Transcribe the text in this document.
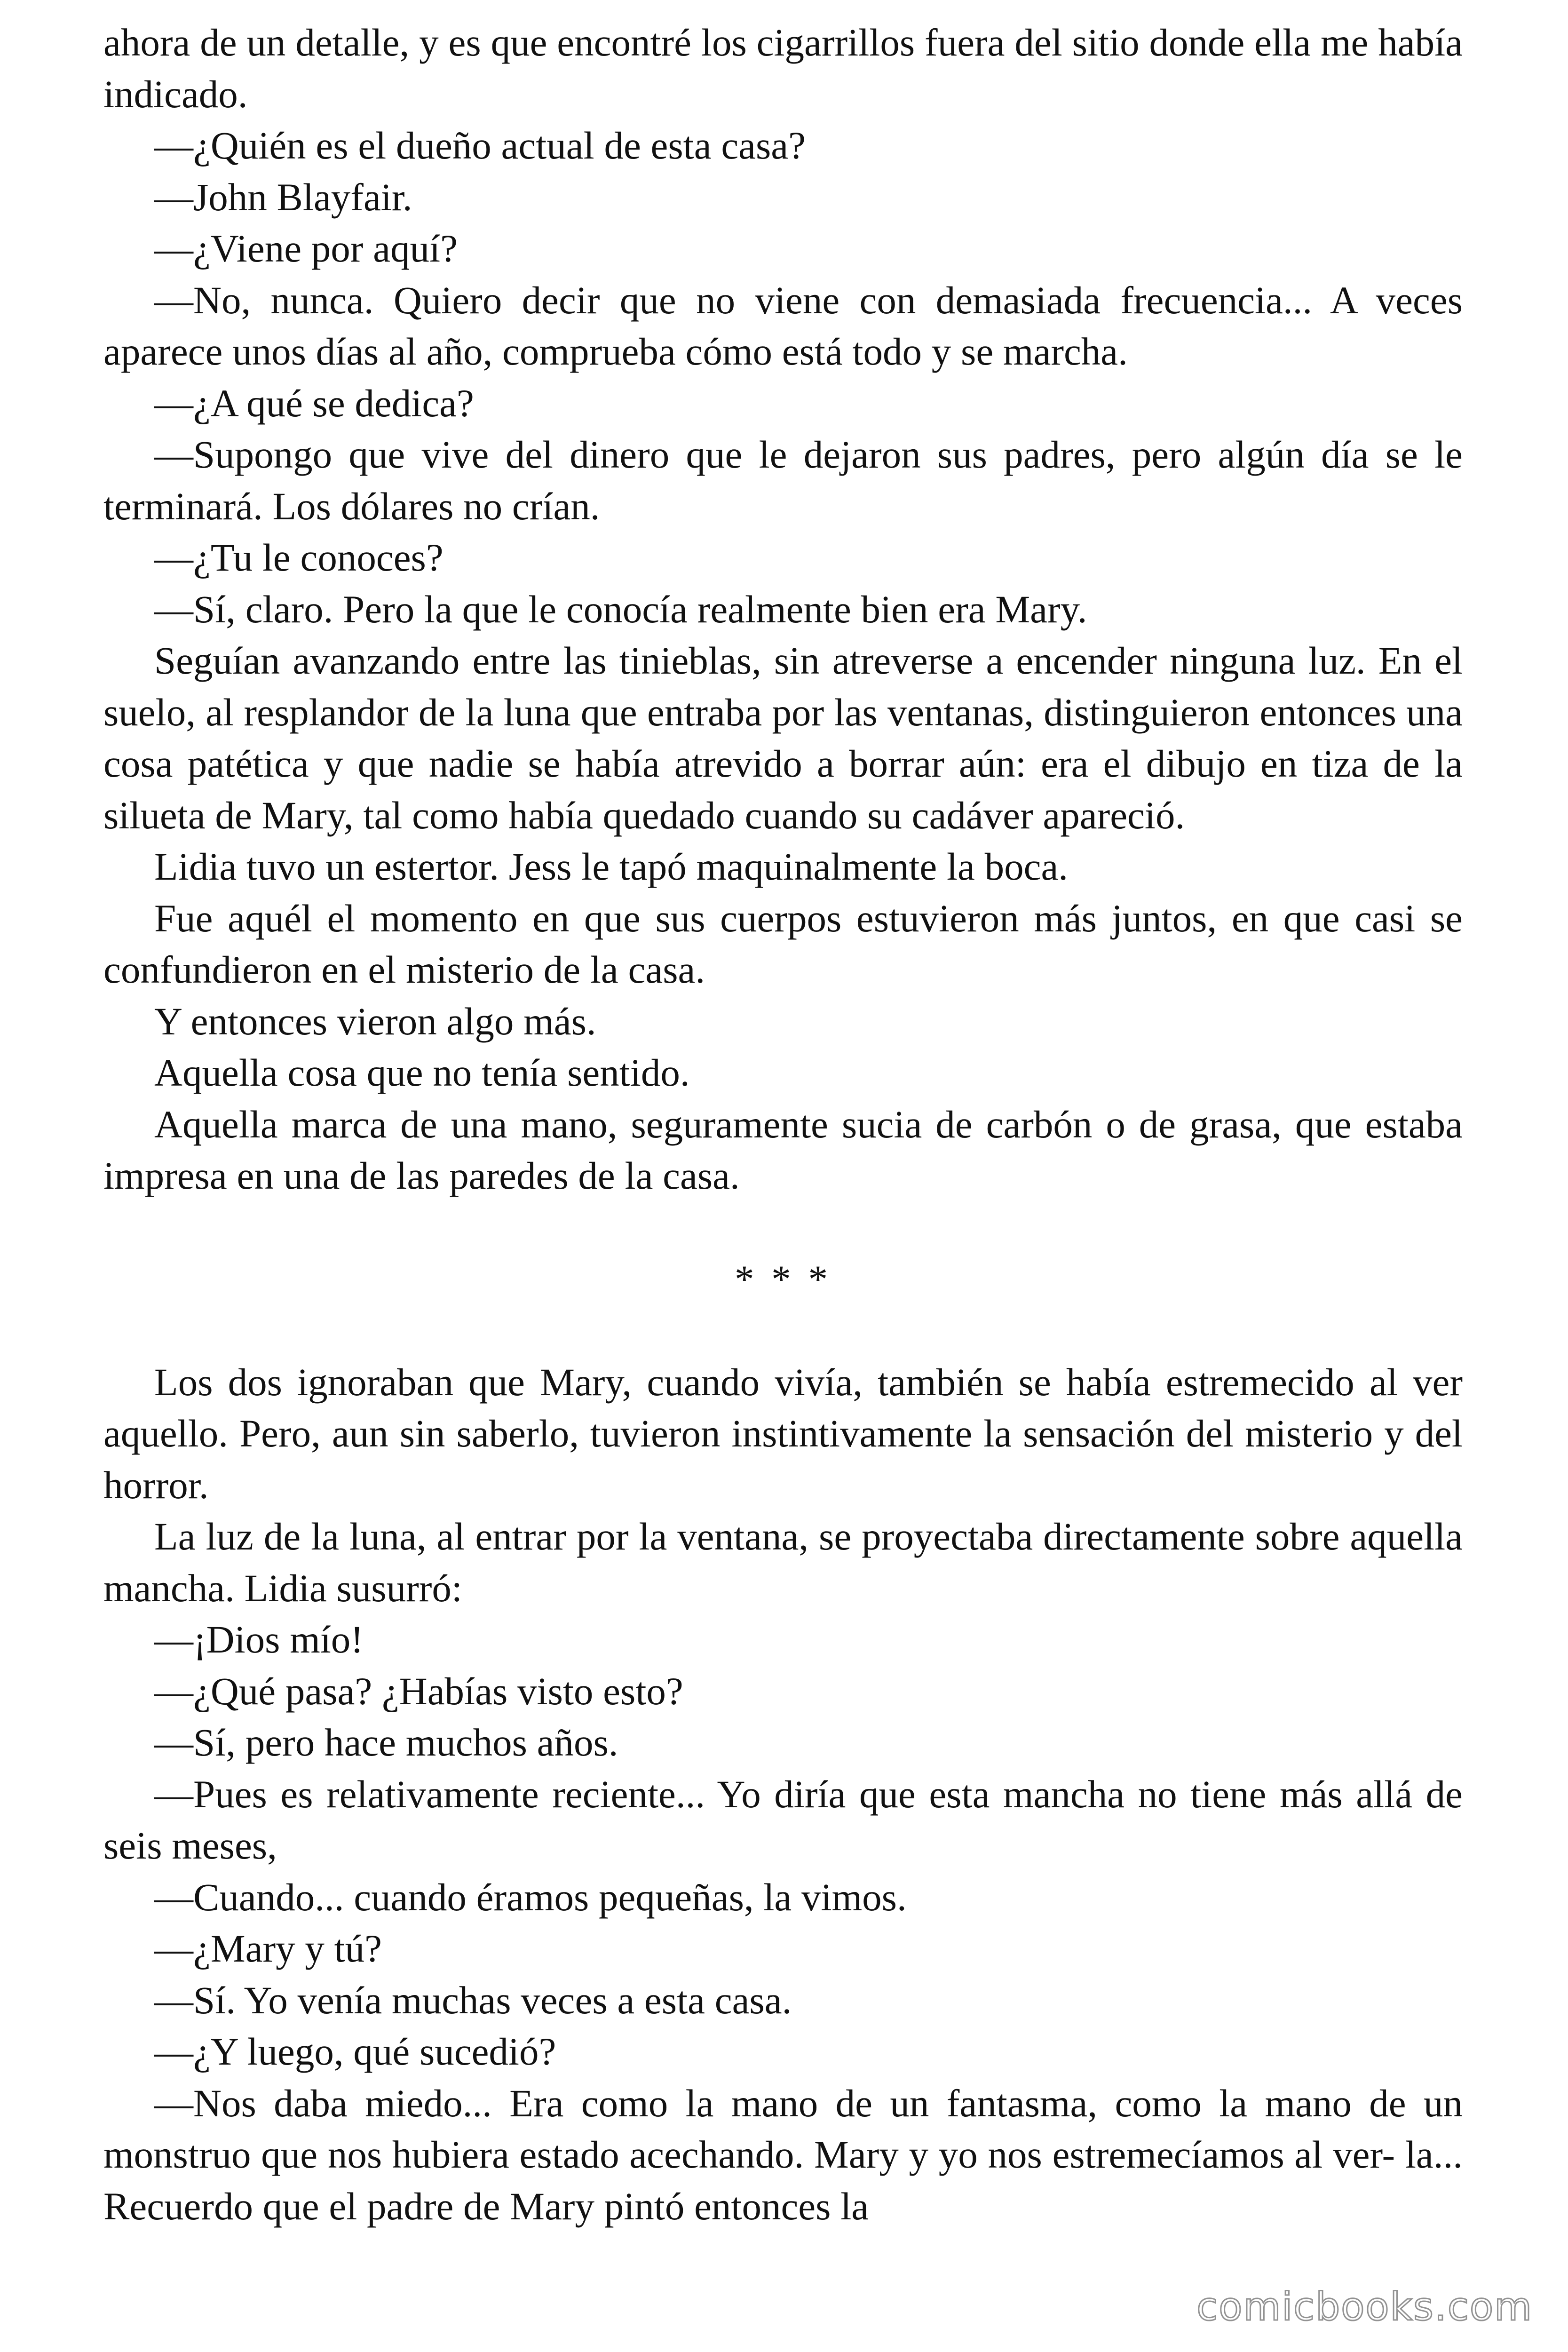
ahora de un detalle, y es que encontré los cigarrillos fuera del sitio donde ella me había indicado.

—¿Quién es el dueño actual de esta casa?

—John Blayfair.

—¿Viene por aquí?

—No, nunca. Quiero decir que no viene con demasiada frecuencia... A veces aparece unos días al año, comprueba cómo está todo y se marcha.

—¿A qué se dedica?

—Supongo que vive del dinero que le dejaron sus padres, pero algún día se le terminará. Los dólares no crían.

—¿Tu le conoces?

—Sí, claro. Pero la que le conocía realmente bien era Mary.

Seguían avanzando entre las tinieblas, sin atreverse a encender ninguna luz. En el suelo, al resplandor de la luna que entraba por las ventanas, distinguieron entonces una cosa patética y que nadie se había atrevido a borrar aún: era el dibujo en tiza de la silueta de Mary, tal como había quedado cuando su cadáver apareció.

Lidia tuvo un estertor. Jess le tapó maquinalmente la boca.

Fue aquél el momento en que sus cuerpos estuvieron más juntos, en que casi se confundieron en el misterio de la casa.

Y entonces vieron algo más.

Aquella cosa que no tenía sentido.

Aquella marca de una mano, seguramente sucia de carbón o de grasa, que estaba impresa en una de las paredes de la casa.

* * *

Los dos ignoraban que Mary, cuando vivía, también se había estremecido al ver aquello. Pero, aun sin saberlo, tuvieron instintivamente la sensación del misterio y del horror.

La luz de la luna, al entrar por la ventana, se proyectaba directamente sobre aquella mancha. Lidia susurró:

—¡Dios mío!

—¿Qué pasa? ¿Habías visto esto?

—Sí, pero hace muchos años.

—Pues es relativamente reciente... Yo diría que esta mancha no tiene más allá de seis meses,

—Cuando... cuando éramos pequeñas, la vimos.

—¿Mary y tú?

—Sí. Yo venía muchas veces a esta casa.

—¿Y luego, qué sucedió?

—Nos daba miedo... Era como la mano de un fantasma, como la mano de un monstruo que nos hubiera estado acechando. Mary y yo nos estremecíamos al ver- la... Recuerdo que el padre de Mary pintó entonces la

comicbooks.com
